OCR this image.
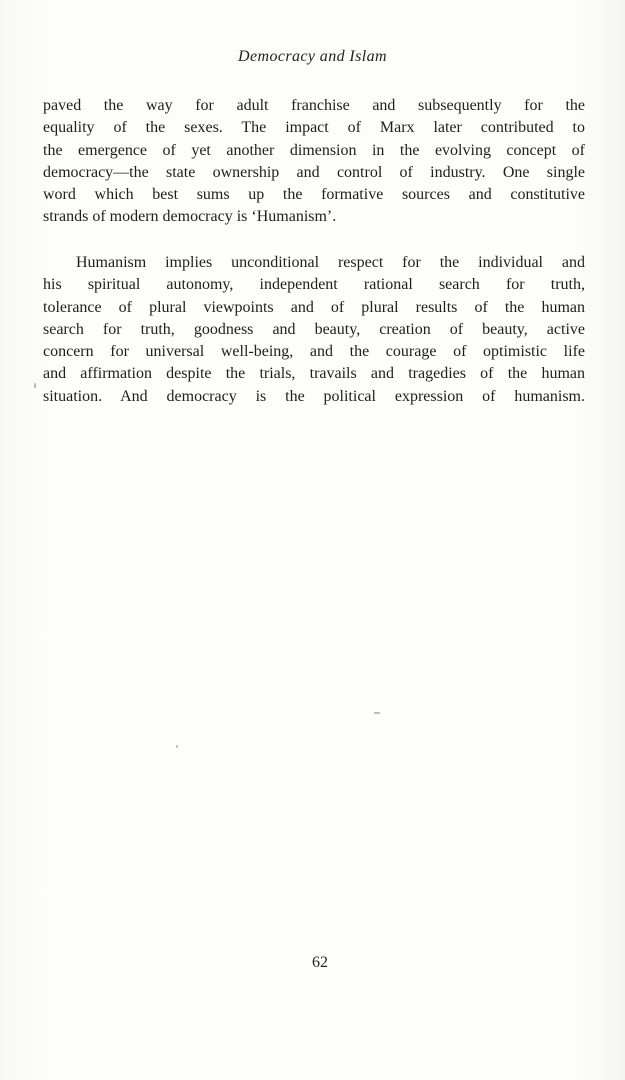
Democracy and Islam
paved the way for adult franchise and subsequently for the
equality of the sexes. The impact of Marx later contributed to
the emergence of yet another dimension in the evolving concept of
democracy—the state ownership and control of industry. One single
word which best sums up the formative sources and constitutive
strands of modern democracy is ‘Humanism’.
Humanism implies unconditional respect for the individual and
his spiritual autonomy, independent rational search for truth,
tolerance of plural viewpoints and of plural results of the human
search for truth, goodness and beauty, creation of beauty, active
concern for universal well-being, and the courage of optimistic life
and affirmation despite the trials, travails and tragedies of the human
situation. And democracy is the political expression of humanism.
62
